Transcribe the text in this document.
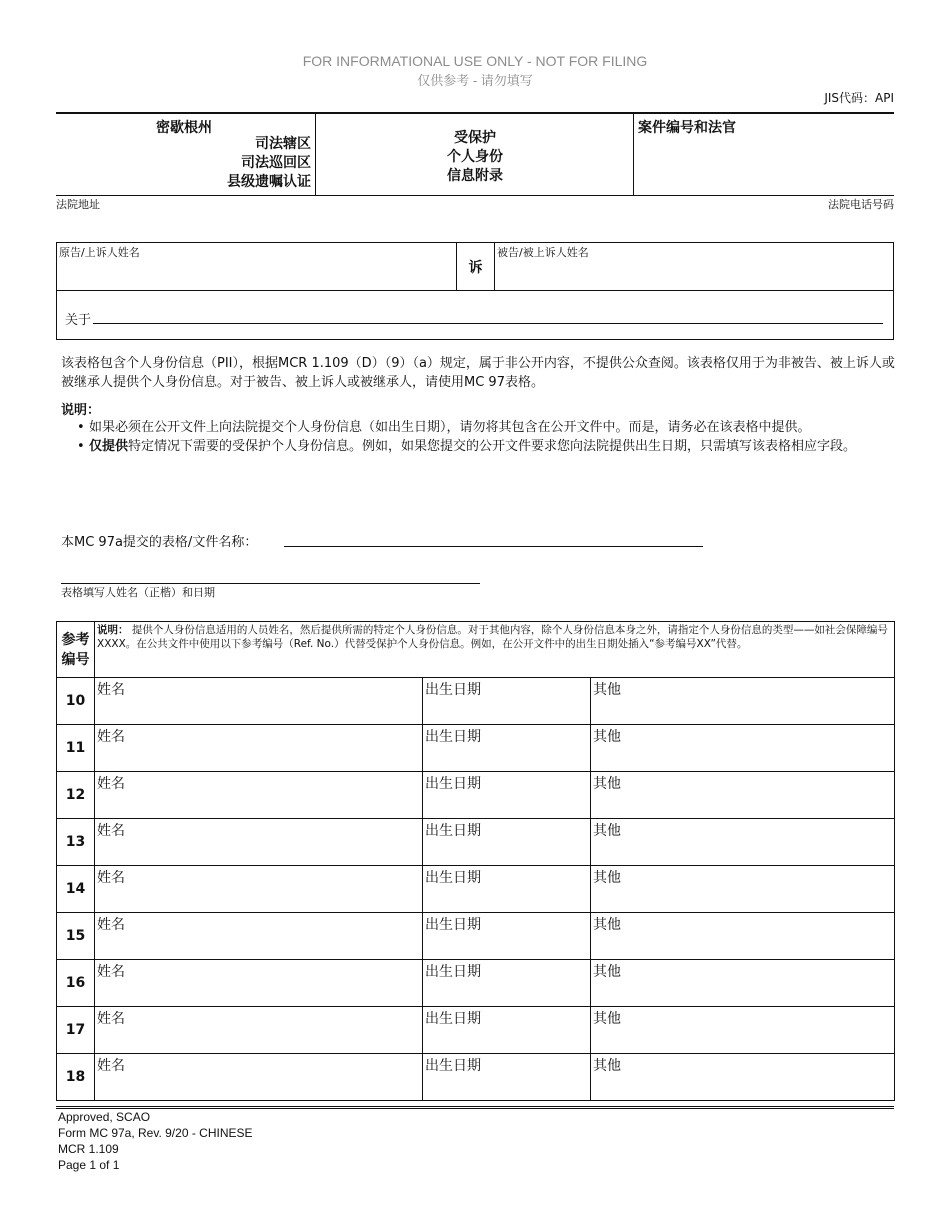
FOR INFORMATIONAL USE ONLY - NOT FOR FILING
仅供参考 - 请勿填写
JIS代码：API
密歇根州
司法辖区
司法巡回区
县级遗嘱认证
受保护
个人身份
信息附录
案件编号和法官
法院地址	法院电话号码
原告/上诉人姓名
诉
被告/被上诉人姓名
关于
该表格包含个人身份信息（PII），根据MCR 1.109（D）（9）（a）规定，属于非公开内容，不提供公众查阅。该表格仅用于为非被告、被上诉人或被继承人提供个人身份信息。对于被告、被上诉人或被继承人，请使用MC 97表格。
说明：
• 如果必须在公开文件上向法院提交个人身份信息（如出生日期），请勿将其包含在公开文件中。而是，请务必在该表格中提供。
• 仅提供特定情况下需要的受保护个人身份信息。例如，如果您提交的公开文件要求您向法院提供出生日期，只需填写该表格相应字段。
本MC 97a提交的表格/文件名称：
表格填写人姓名（正楷）和日期
参考
编号	说明： 提供个人身份信息适用的人员姓名，然后提供所需的特定个人身份信息。对于其他内容，除个人身份信息本身之外，请指定个人身份信息的类型——如社会保障编号XXXX。在公共文件中使用以下参考编号（Ref. No.）代替受保护个人身份信息。例如，在公开文件中的出生日期处插入“参考编号XX”代替。		
10	姓名	出生日期	其他
11	姓名	出生日期	其他
12	姓名	出生日期	其他
13	姓名	出生日期	其他
14	姓名	出生日期	其他
15	姓名	出生日期	其他
16	姓名	出生日期	其他
17	姓名	出生日期	其他
18	姓名	出生日期	其他
Approved, SCAO
Form MC 97a, Rev. 9/20 - CHINESE
MCR 1.109
Page 1 of 1
